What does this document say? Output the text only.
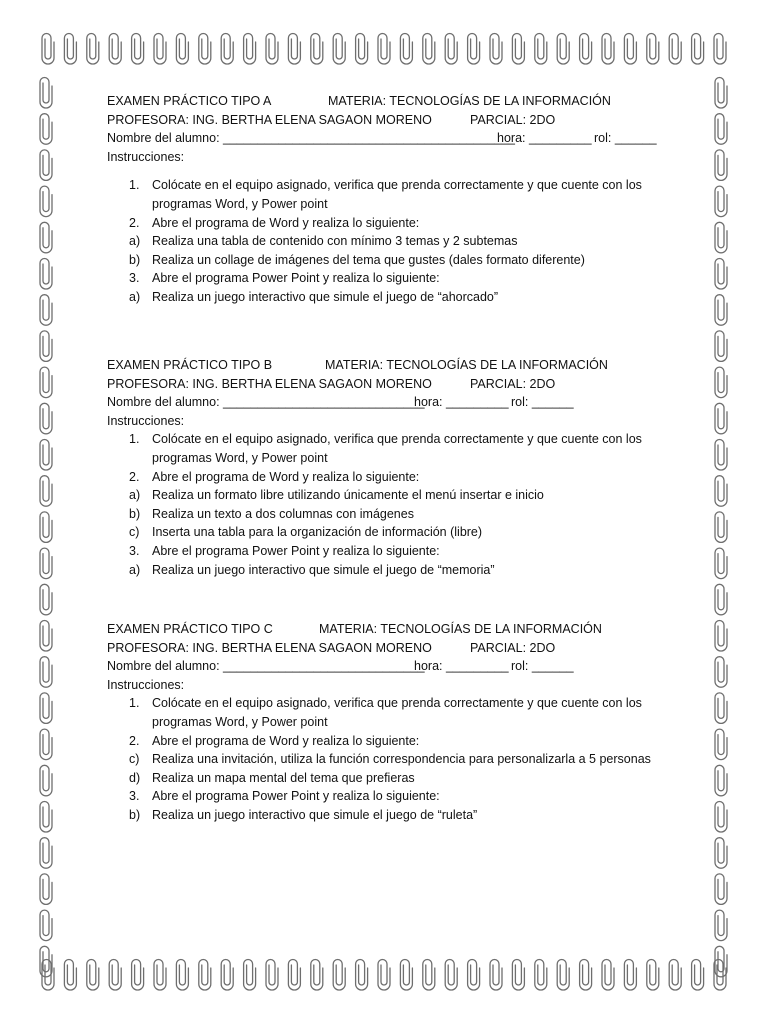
EXAMEN PRÁCTICO TIPO A	MATERIA: TECNOLOGÍAS DE LA INFORMACIÓN
PROFESORA: ING. BERTHA ELENA SAGAON MORENO	PARCIAL: 2DO
Nombre del alumno: __________________________________________
hora: _________ rol: ______
Instrucciones:
1. Colócate en el equipo asignado, verifica que prenda correctamente y que cuente con los
programas Word, y Power point
2. Abre el programa de Word y realiza lo siguiente:
a) Realiza una tabla de contenido con mínimo 3 temas y 2 subtemas
b) Realiza un collage de imágenes del tema que gustes (dales formato diferente)
3. Abre el programa Power Point y realiza lo siguiente:
a) Realiza un juego interactivo que simule el juego de “ahorcado”
EXAMEN PRÁCTICO TIPO B	MATERIA: TECNOLOGÍAS DE LA INFORMACIÓN
PROFESORA: ING. BERTHA ELENA SAGAON MORENO	PARCIAL: 2DO
Nombre del alumno: _____________________________
hora: _________ rol: ______
Instrucciones:
1. Colócate en el equipo asignado, verifica que prenda correctamente y que cuente con los
programas Word, y Power point
2. Abre el programa de Word y realiza lo siguiente:
a) Realiza un formato libre utilizando únicamente el menú insertar e inicio
b) Realiza un texto a dos columnas con imágenes
c) Inserta una tabla para la organización de información (libre)
3. Abre el programa Power Point y realiza lo siguiente:
a) Realiza un juego interactivo que simule el juego de “memoria”
EXAMEN PRÁCTICO TIPO C	MATERIA: TECNOLOGÍAS DE LA INFORMACIÓN
PROFESORA: ING. BERTHA ELENA SAGAON MORENO	PARCIAL: 2DO
Nombre del alumno: _____________________________
hora: _________ rol: ______
Instrucciones:
1. Colócate en el equipo asignado, verifica que prenda correctamente y que cuente con los
programas Word, y Power point
2. Abre el programa de Word y realiza lo siguiente:
c) Realiza una invitación, utiliza la función correspondencia para personalizarla a 5 personas
d) Realiza un mapa mental del tema que prefieras
3. Abre el programa Power Point y realiza lo siguiente:
b) Realiza un juego interactivo que simule el juego de “ruleta”
